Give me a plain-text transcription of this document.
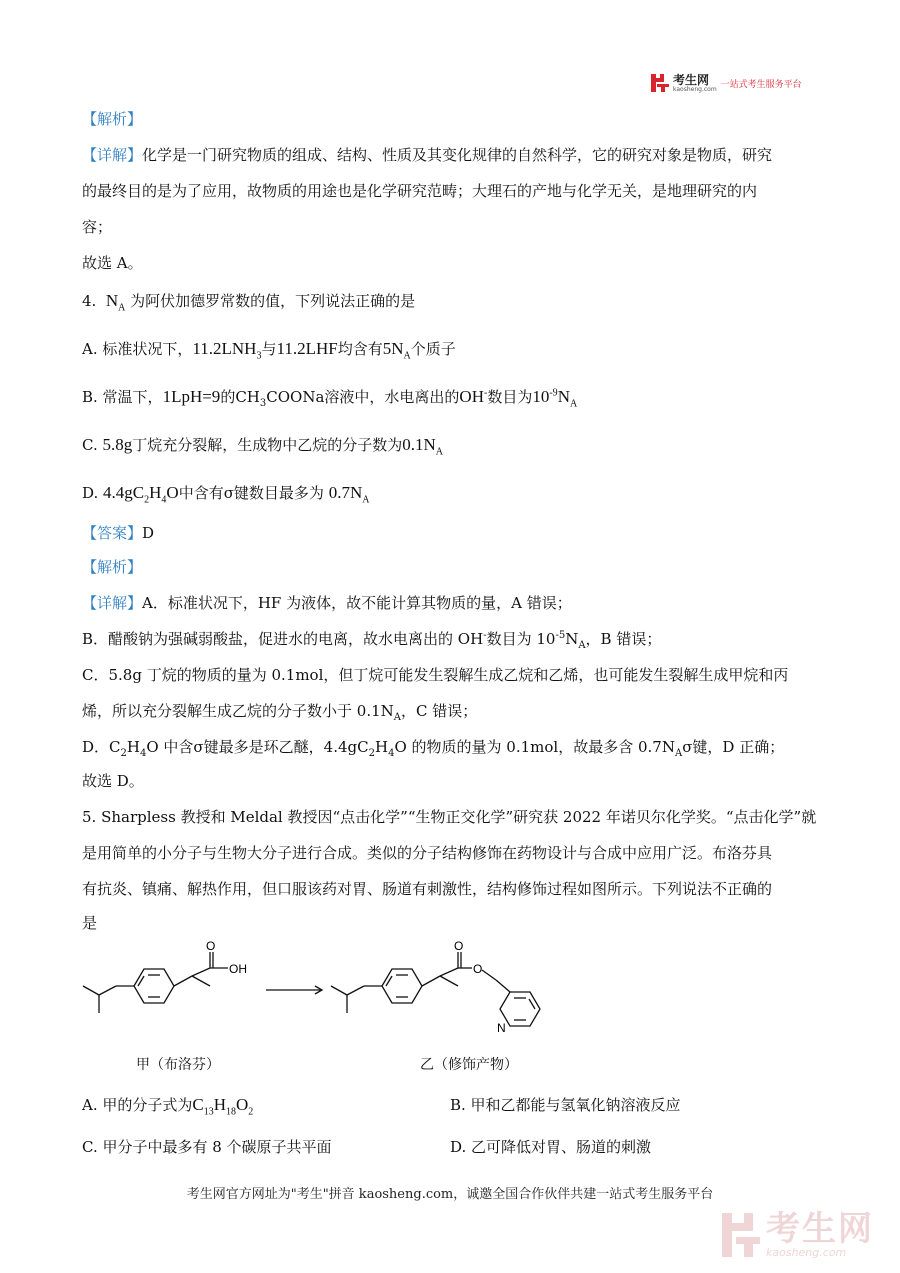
考生网
kaosheng.com 一站式考生服务平台
【解析】
【详解】化学是一门研究物质的组成、结构、性质及其变化规律的自然科学，它的研究对象是物质，研究
的最终目的是为了应用，故物质的用途也是化学研究范畴；大理石的产地与化学无关，是地理研究的内
容；
故选 A。
4. $N_A$ 为阿伏加德罗常数的值，下列说法正确的是
A. 标准状况下，$11.2LNH_3$与11.2LHF均含有$5N_A$个质子
B. 常温下，1LpH=9的$CH_3COONa$溶液中，水电离出的OH-数目为$10^{-9}N_A$
C. 5.8g丁烷充分裂解，生成物中乙烷的分子数为$0.1N_A$
D. $4.4gC_2H_4O$中含有σ键数目最多为 $0.7N_A$
【答案】D
【解析】
【详解】A．标准状况下，HF 为液体，故不能计算其物质的量，A 错误；
B．醋酸钠为强碱弱酸盐，促进水的电离，故水电离出的 OH-数目为 $10^{-5}N_A$，B 错误；
C．5.8g 丁烷的物质的量为 0.1mol，但丁烷可能发生裂解生成乙烷和乙烯，也可能发生裂解生成甲烷和丙
烯，所以充分裂解生成乙烷的分子数小于 $0.1N_A$，C 错误；
D．$C_2H_4O$ 中含σ键最多是环乙醚，$4.4gC_2H_4O$ 的物质的量为 0.1mol，故最多含 $0.7N_A\sigma$键，D 正确；
故选 D。
5. Sharpless 教授和 Meldal 教授因“点击化学”“生物正交化学”研究获 2022 年诺贝尔化学奖。“点击化学”就
是用简单的小分子与生物大分子进行合成。类似的分子结构修饰在药物设计与合成中应用广泛。布洛芬具
有抗炎、镇痛、解热作用，但口服该药对胃、肠道有刺激性，结构修饰过程如图所示。下列说法不正确的
是
O
OH
O
O
N
甲（布洛芬）	乙（修饰产物）
A. 甲的分子式为$C_{13}H_{18}O_2$	B. 甲和乙都能与氢氧化钠溶液反应
C. 甲分子中最多有 8 个碳原子共平面	D. 乙可降低对胃、肠道的刺激
考生网官方网址为"考生"拼音 kaosheng.com，诚邀全国合作伙伴共建一站式考生服务平台
考生网
kaosheng.com
